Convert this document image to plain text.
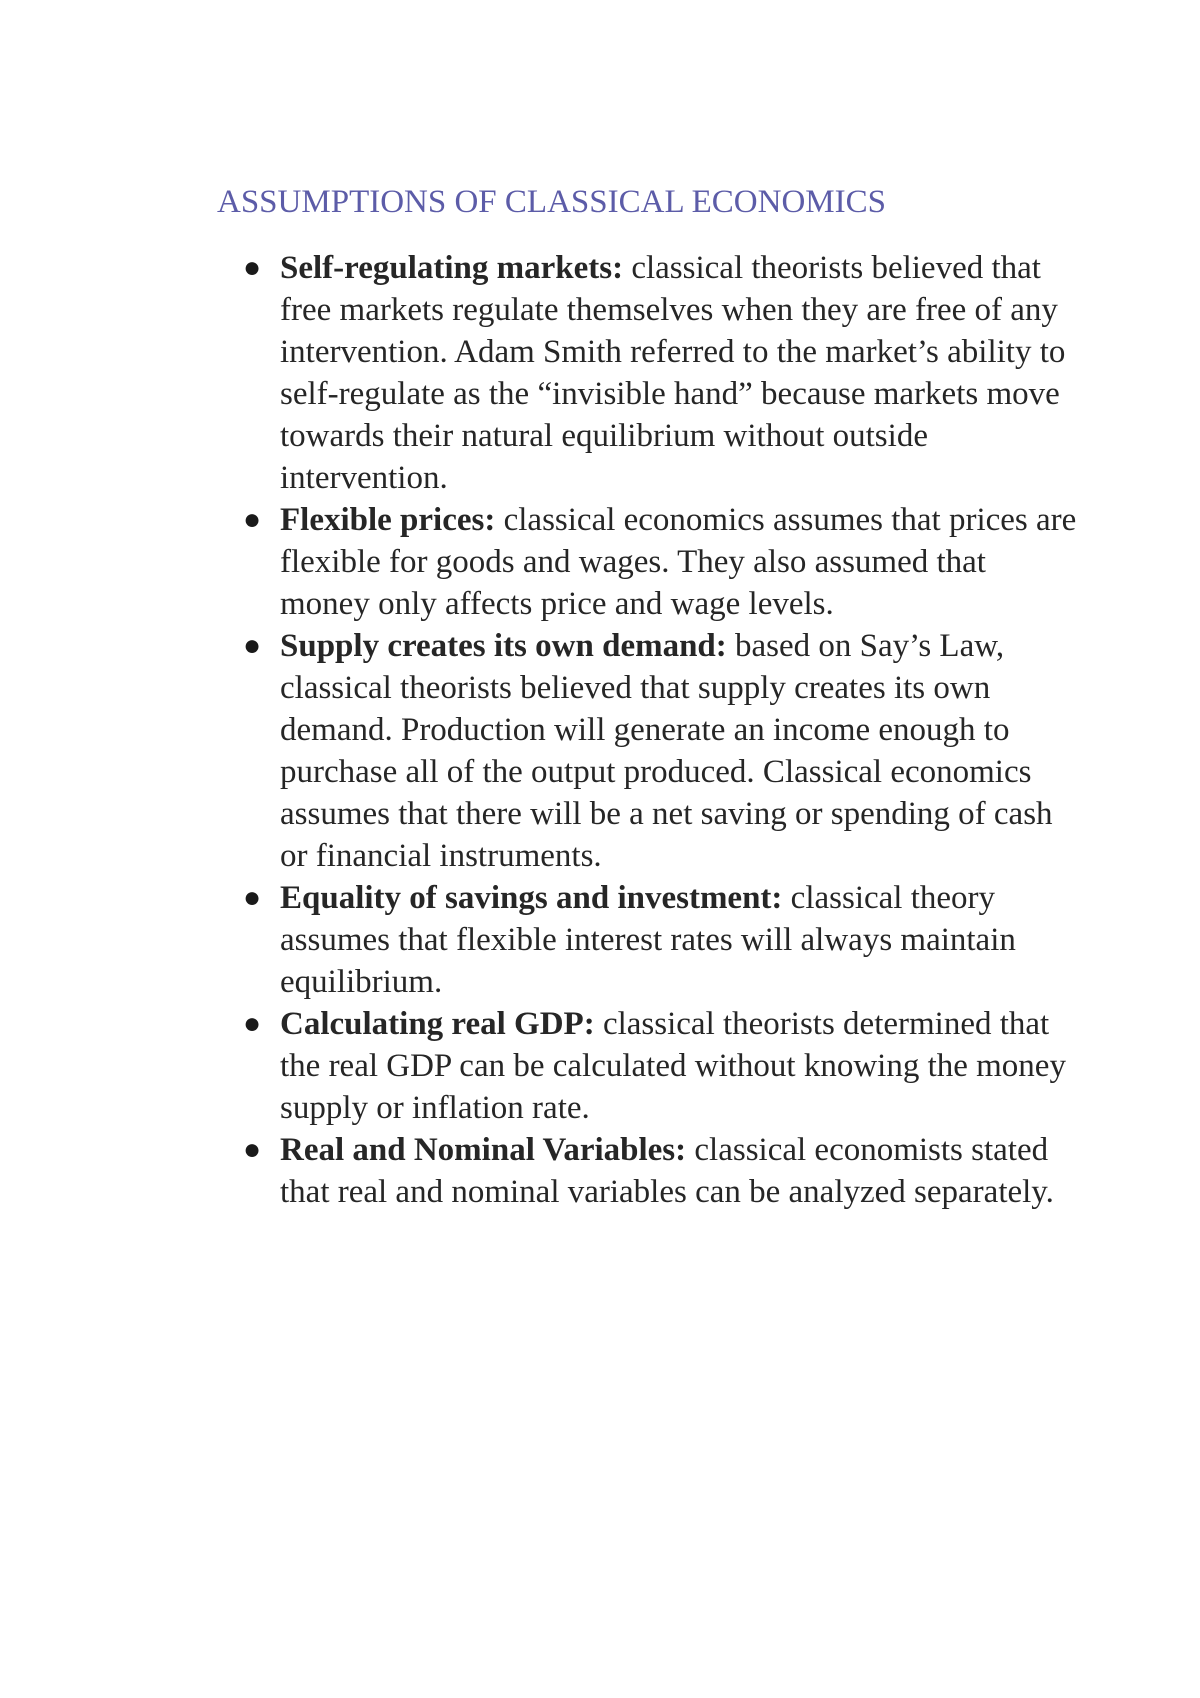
ASSUMPTIONS OF CLASSICAL ECONOMICS
● Self-regulating markets: classical theorists believed that free markets regulate themselves when they are free of any intervention. Adam Smith referred to the market’s ability to self-regulate as the “invisible hand” because markets move towards their natural equilibrium without outside intervention.
● Flexible prices: classical economics assumes that prices are flexible for goods and wages. They also assumed that money only affects price and wage levels.
● Supply creates its own demand: based on Say’s Law, classical theorists believed that supply creates its own demand. Production will generate an income enough to purchase all of the output produced. Classical economics assumes that there will be a net saving or spending of cash or financial instruments.
● Equality of savings and investment: classical theory assumes that flexible interest rates will always maintain equilibrium.
● Calculating real GDP: classical theorists determined that the real GDP can be calculated without knowing the money supply or inflation rate.
● Real and Nominal Variables: classical economists stated that real and nominal variables can be analyzed separately.
